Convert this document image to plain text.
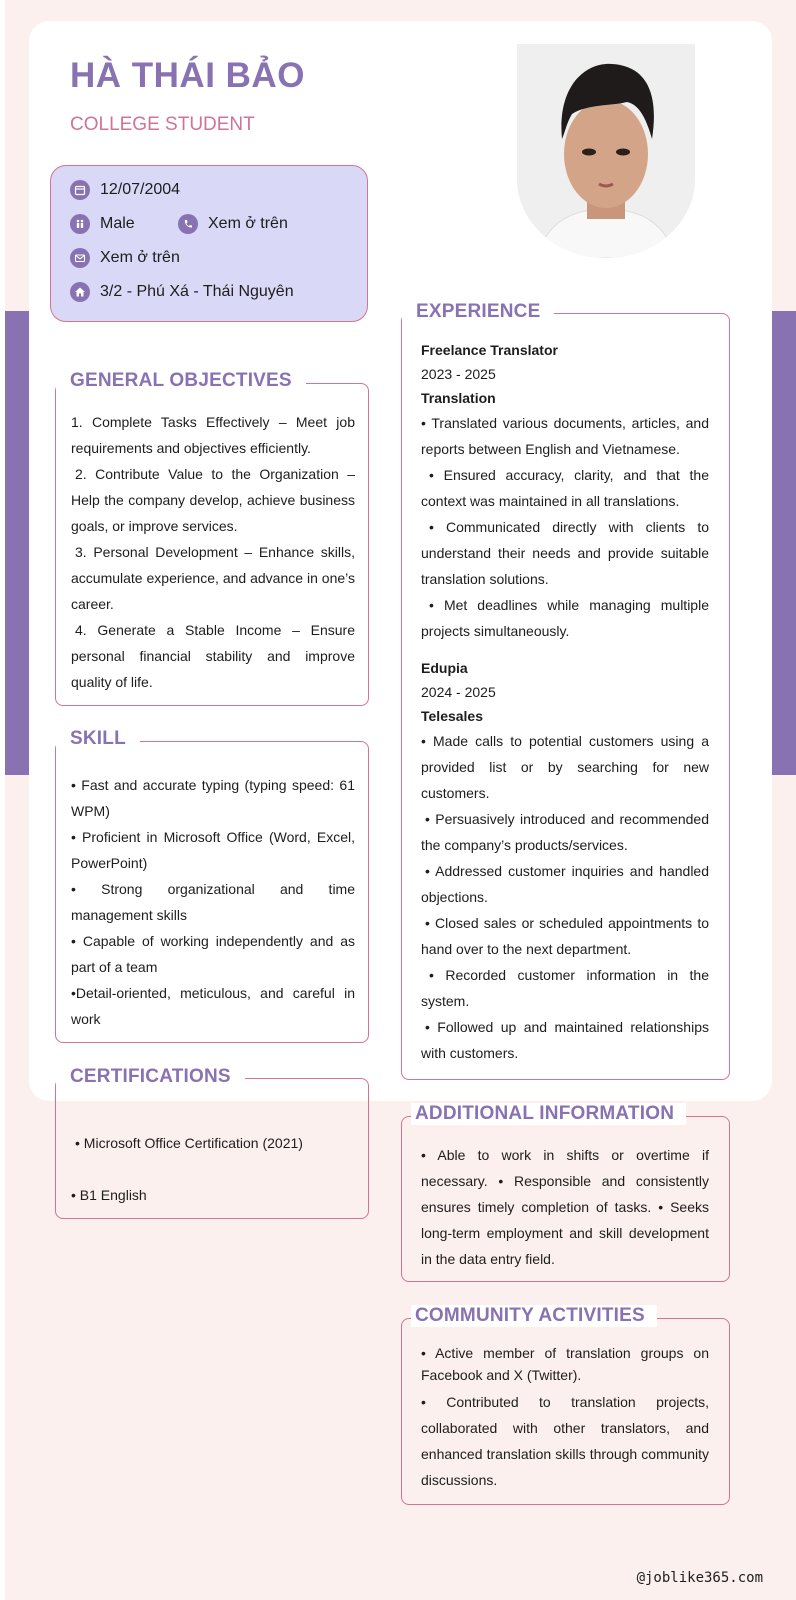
HÀ THÁI BẢO
COLLEGE STUDENT
12/07/2004
Male	Xem ở trên
Xem ở trên
3/2 - Phú Xá - Thái Nguyên
GENERAL OBJECTIVES
1. Complete Tasks Effectively – Meet job requirements and objectives efficiently.
2. Contribute Value to the Organization – Help the company develop, achieve business goals, or improve services.
3. Personal Development – Enhance skills, accumulate experience, and advance in one’s career.
4. Generate a Stable Income – Ensure personal financial stability and improve quality of life.
SKILL
• Fast and accurate typing (typing speed: 61 WPM)
• Proficient in Microsoft Office (Word, Excel, PowerPoint)
• Strong organizational and time management skills
• Capable of working independently and as part of a team
•Detail-oriented, meticulous, and careful in work
CERTIFICATIONS
• Microsoft Office Certification (2021)
• B1 English
EXPERIENCE
Freelance Translator
2023 - 2025
Translation
• Translated various documents, articles, and reports between English and Vietnamese.
• Ensured accuracy, clarity, and that the context was maintained in all translations.
• Communicated directly with clients to understand their needs and provide suitable translation solutions.
• Met deadlines while managing multiple projects simultaneously.
Edupia
2024 - 2025
Telesales
• Made calls to potential customers using a provided list or by searching for new customers.
• Persuasively introduced and recommended the company’s products/services.
• Addressed customer inquiries and handled objections.
• Closed sales or scheduled appointments to hand over to the next department.
• Recorded customer information in the system.
• Followed up and maintained relationships with customers.
ADDITIONAL INFORMATION
• Able to work in shifts or overtime if necessary. • Responsible and consistently ensures timely completion of tasks. • Seeks long-term employment and skill development in the data entry field.
COMMUNITY ACTIVITIES
• Active member of translation groups on Facebook and X (Twitter).
• Contributed to translation projects, collaborated with other translators, and enhanced translation skills through community discussions.
@joblike365.com
